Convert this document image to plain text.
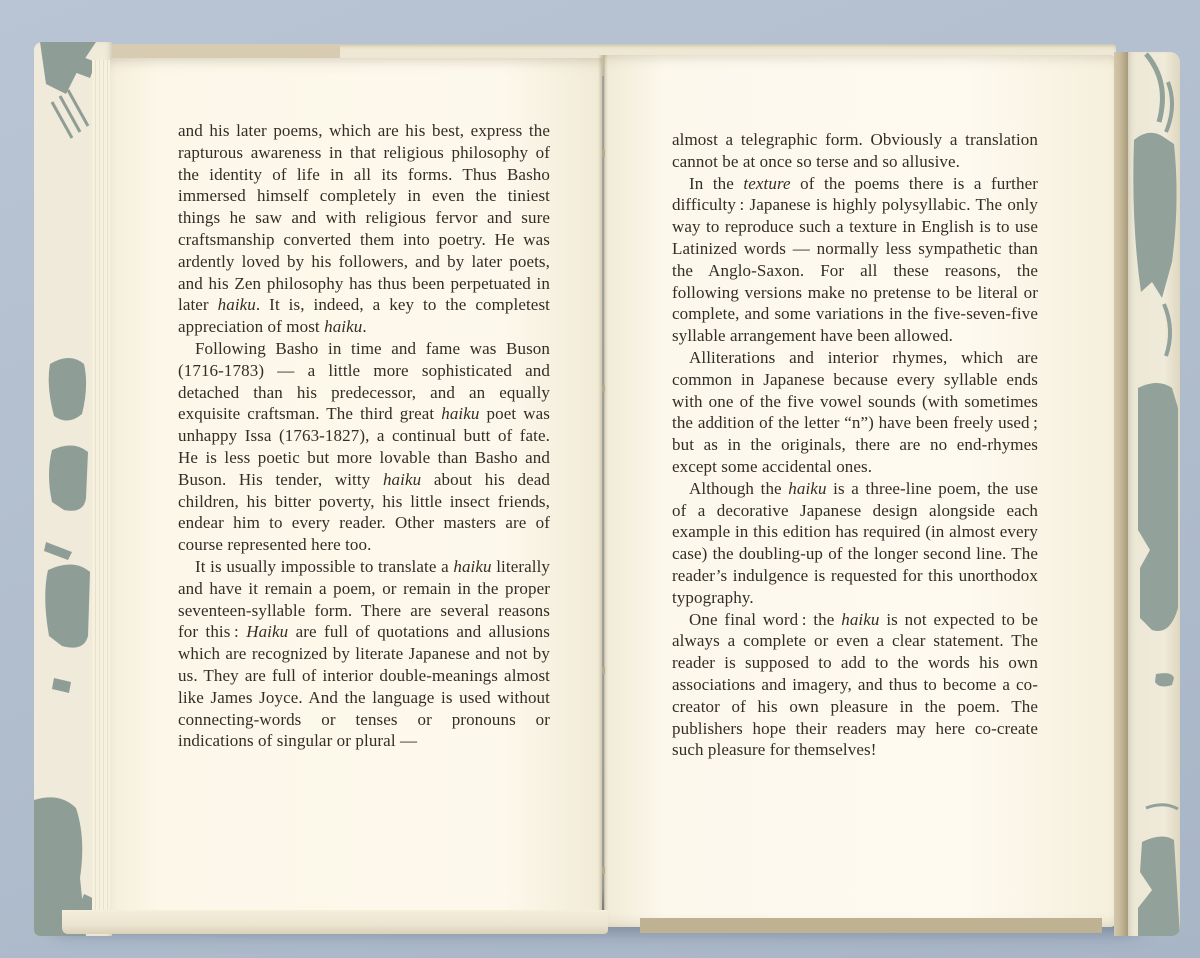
and his later poems, which are his best, express the rapturous awareness in that religious philosophy of the identity of life in all its forms. Thus Basho immersed himself completely in even the tiniest things he saw and with religious fervor and sure craftsmanship converted them into poetry. He was ardently loved by his followers, and by later poets, and his Zen philosophy has thus been perpetuated in later haiku. It is, indeed, a key to the completest appreciation of most haiku.

Following Basho in time and fame was Buson (1716-1783) — a little more sophisticated and detached than his predecessor, and an equally exquisite craftsman. The third great haiku poet was unhappy Issa (1763-1827), a continual butt of fate. He is less poetic but more lovable than Basho and Buson. His tender, witty haiku about his dead children, his bitter poverty, his little insect friends, endear him to every reader. Other masters are of course represented here too.

It is usually impossible to translate a haiku literally and have it remain a poem, or remain in the proper seventeen-syllable form. There are several reasons for this : Haiku are full of quotations and allusions which are recognized by literate Japanese and not by us. They are full of interior double-meanings almost like James Joyce. And the language is used without connecting-words or tenses or pronouns or indications of singular or plural —

almost a telegraphic form. Obviously a translation cannot be at once so terse and so allusive.

In the texture of the poems there is a further difficulty : Japanese is highly polysyllabic. The only way to reproduce such a texture in English is to use Latinized words — normally less sympathetic than the Anglo-Saxon. For all these reasons, the following versions make no pretense to be literal or complete, and some variations in the five-seven-five syllable arrangement have been allowed.

Alliterations and interior rhymes, which are common in Japanese because every syllable ends with one of the five vowel sounds (with sometimes the addition of the letter “n”) have been freely used ; but as in the originals, there are no end-rhymes except some accidental ones.

Although the haiku is a three-line poem, the use of a decorative Japanese design alongside each example in this edition has required (in almost every case) the doubling-up of the longer second line. The reader’s indulgence is requested for this unorthodox typography.

One final word : the haiku is not expected to be always a complete or even a clear statement. The reader is supposed to add to the words his own associations and imagery, and thus to become a co-creator of his own pleasure in the poem. The publishers hope their readers may here co-create such pleasure for themselves!
